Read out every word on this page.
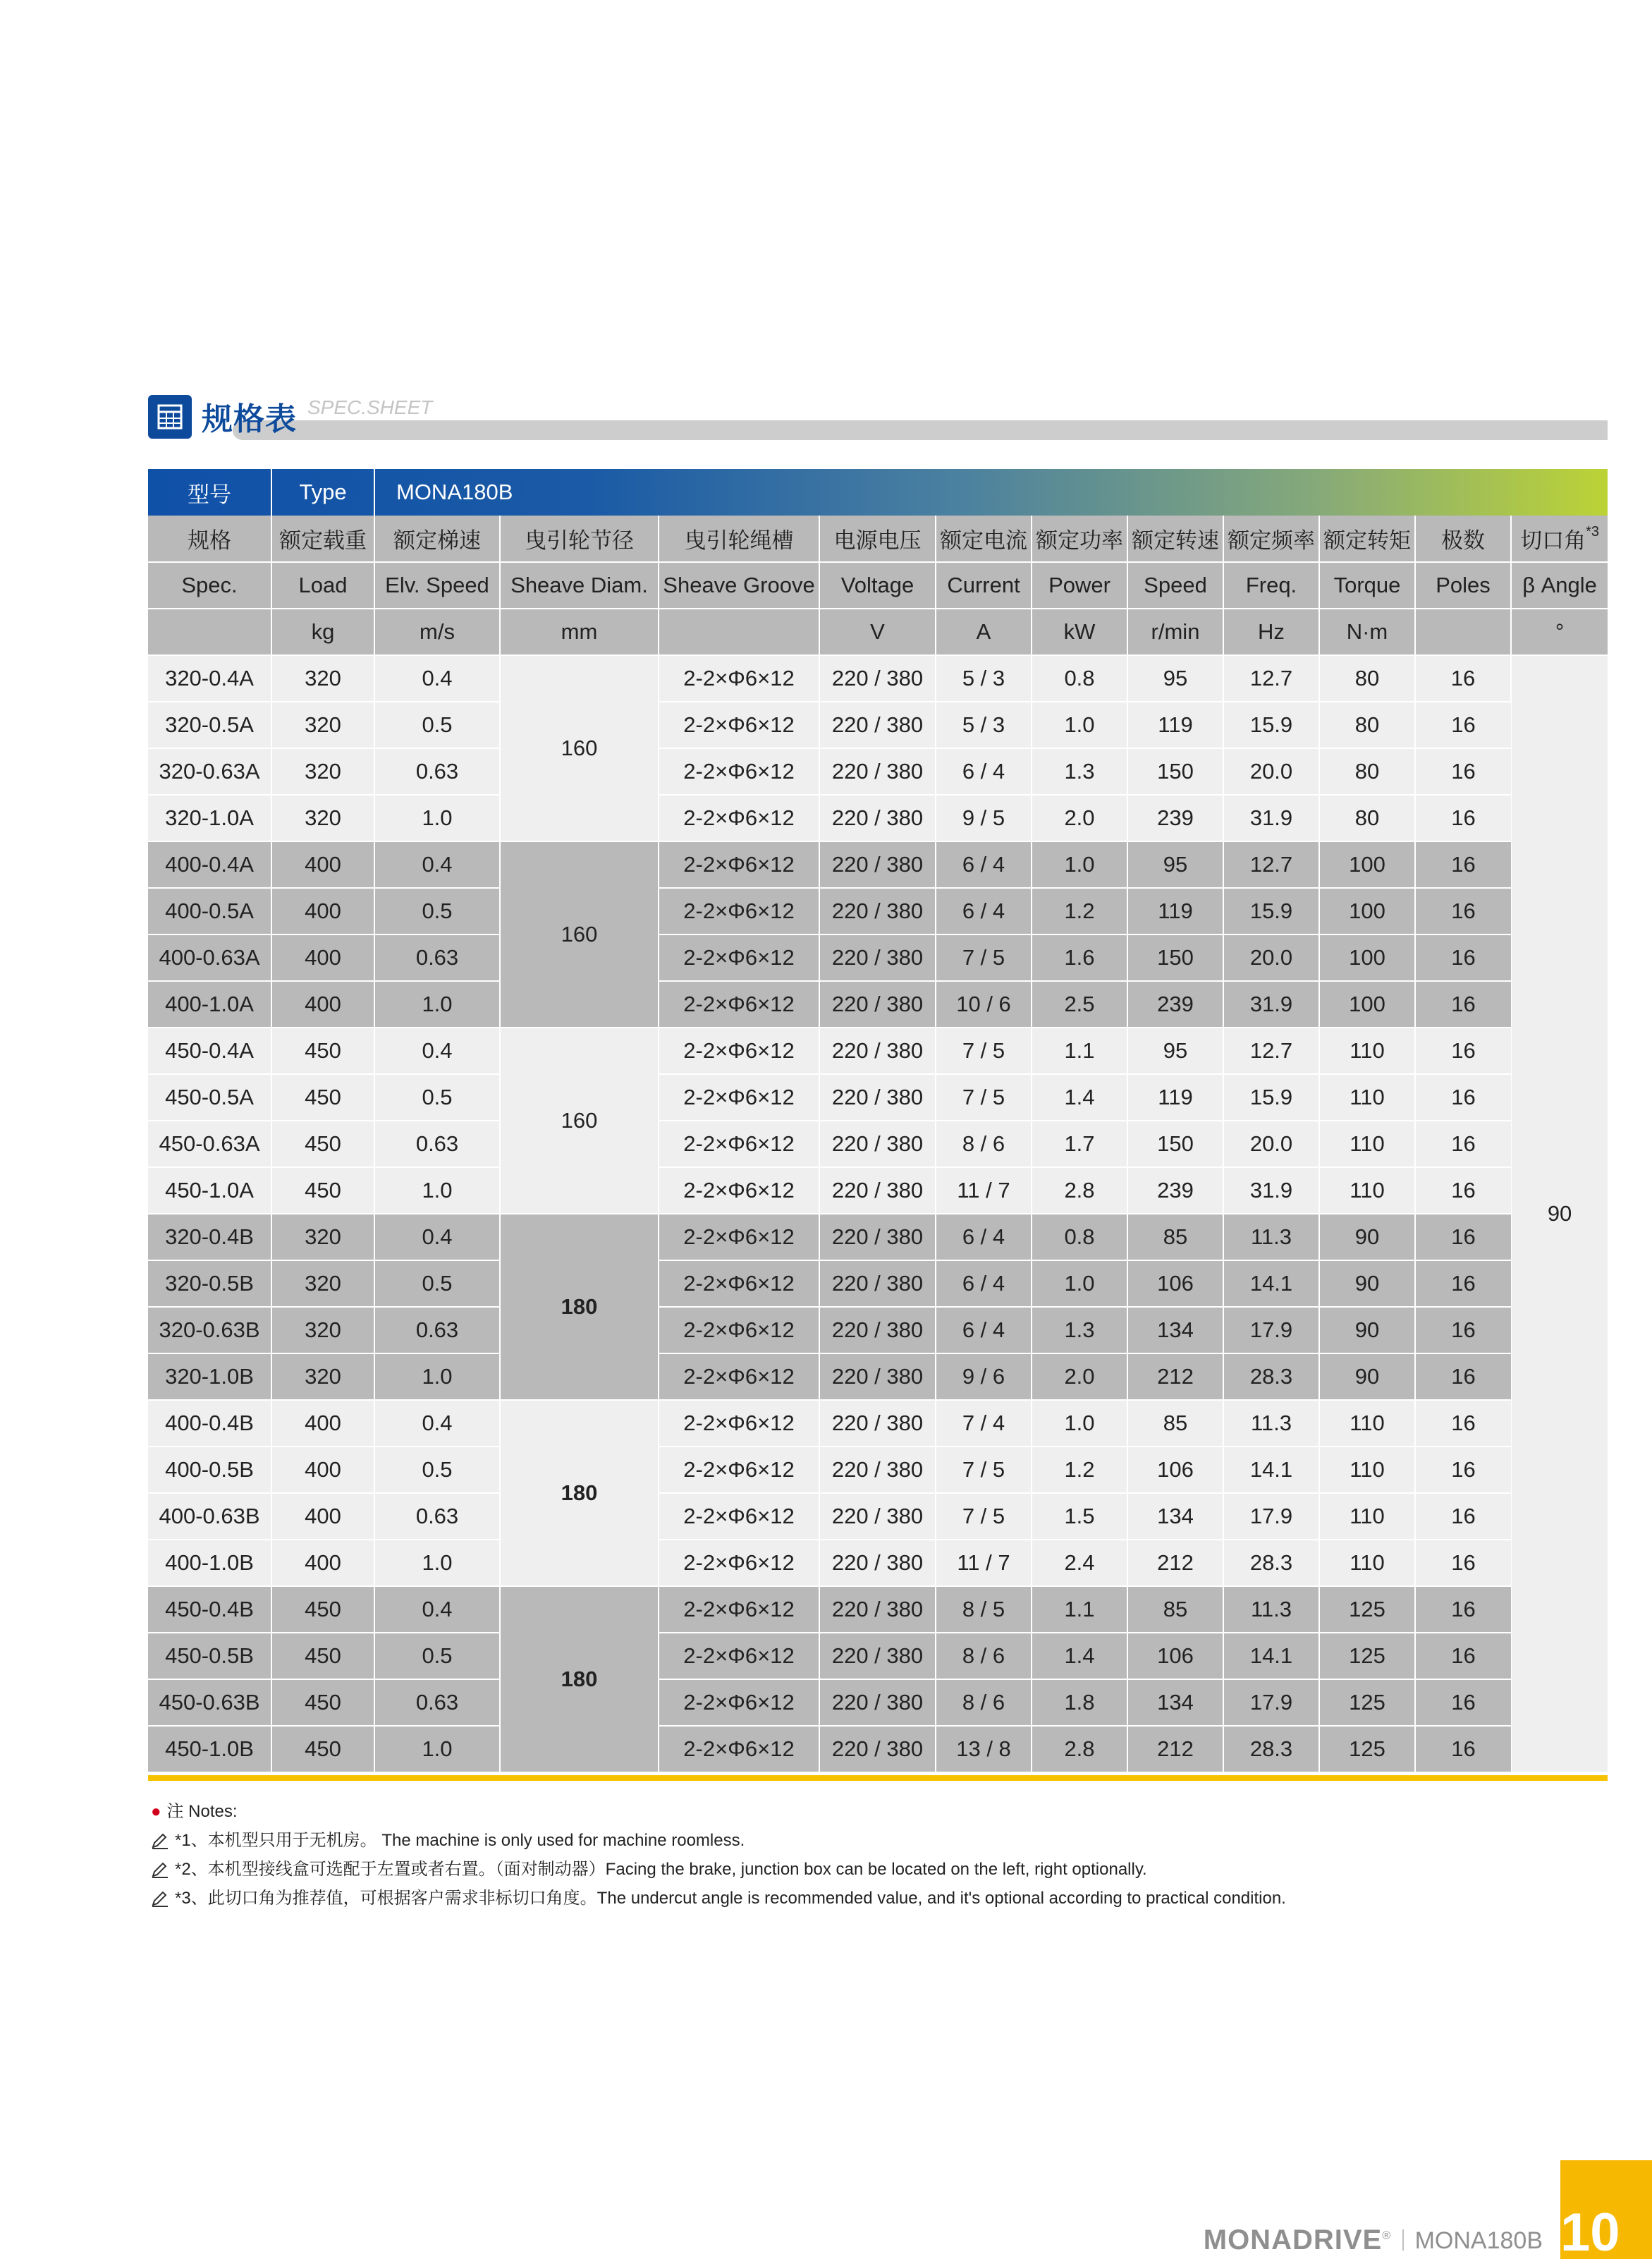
规格表 SPEC.SHEET
型号	Type	MONA180B										
规格	额定载重	额定梯速	曳引轮节径	曳引轮绳槽	电源电压	额定电流	额定功率	额定转速	额定频率	额定转矩	极数	切口角$^{*3}$
Spec.	Load	Elv. Speed	Sheave Diam.	Sheave Groove	Voltage	Current	Power	Speed	Freq.	Torque	Poles	β Angle
	kg	m/s	mm		V	A	kW	r/min	Hz	N·m		°
320-0.4A	320	0.4	160	2-2×Φ6×12	220 / 380	5 / 3	0.8	95	12.7	80	16	90
320-0.5A	320	0.5		2-2×Φ6×12	220 / 380	5 / 3	1.0	119	15.9	80	16	
320-0.63A	320	0.63		2-2×Φ6×12	220 / 380	6 / 4	1.3	150	20.0	80	16	
320-1.0A	320	1.0		2-2×Φ6×12	220 / 380	9 / 5	2.0	239	31.9	80	16	
400-0.4A	400	0.4	160	2-2×Φ6×12	220 / 380	6 / 4	1.0	95	12.7	100	16	
400-0.5A	400	0.5		2-2×Φ6×12	220 / 380	6 / 4	1.2	119	15.9	100	16	
400-0.63A	400	0.63		2-2×Φ6×12	220 / 380	7 / 5	1.6	150	20.0	100	16	
400-1.0A	400	1.0		2-2×Φ6×12	220 / 380	10 / 6	2.5	239	31.9	100	16	
450-0.4A	450	0.4	160	2-2×Φ6×12	220 / 380	7 / 5	1.1	95	12.7	110	16	
450-0.5A	450	0.5		2-2×Φ6×12	220 / 380	7 / 5	1.4	119	15.9	110	16	
450-0.63A	450	0.63		2-2×Φ6×12	220 / 380	8 / 6	1.7	150	20.0	110	16	
450-1.0A	450	1.0		2-2×Φ6×12	220 / 380	11 / 7	2.8	239	31.9	110	16	
320-0.4B	320	0.4	180	2-2×Φ6×12	220 / 380	6 / 4	0.8	85	11.3	90	16	
320-0.5B	320	0.5		2-2×Φ6×12	220 / 380	6 / 4	1.0	106	14.1	90	16	
320-0.63B	320	0.63		2-2×Φ6×12	220 / 380	6 / 4	1.3	134	17.9	90	16	
320-1.0B	320	1.0		2-2×Φ6×12	220 / 380	9 / 6	2.0	212	28.3	90	16	
400-0.4B	400	0.4	180	2-2×Φ6×12	220 / 380	7 / 4	1.0	85	11.3	110	16	
400-0.5B	400	0.5		2-2×Φ6×12	220 / 380	7 / 5	1.2	106	14.1	110	16	
400-0.63B	400	0.63		2-2×Φ6×12	220 / 380	7 / 5	1.5	134	17.9	110	16	
400-1.0B	400	1.0		2-2×Φ6×12	220 / 380	11 / 7	2.4	212	28.3	110	16	
450-0.4B	450	0.4	180	2-2×Φ6×12	220 / 380	8 / 5	1.1	85	11.3	125	16	
450-0.5B	450	0.5		2-2×Φ6×12	220 / 380	8 / 6	1.4	106	14.1	125	16	
450-0.63B	450	0.63		2-2×Φ6×12	220 / 380	8 / 6	1.8	134	17.9	125	16	
450-1.0B	450	1.0		2-2×Φ6×12	220 / 380	13 / 8	2.8	212	28.3	125	16	
● 注 Notes:
*1、本机型只用于无机房。 The machine is only used for machine roomless.
*2、本机型接线盒可选配于左置或者右置。（面对制动器）Facing the brake, junction box can be located on the left, right optionally.
*3、此切口角为推荐值，可根据客户需求非标切口角度。The undercut angle is recommended value, and it's optional according to practical condition.
MONADRIVE® MONA180B 10
